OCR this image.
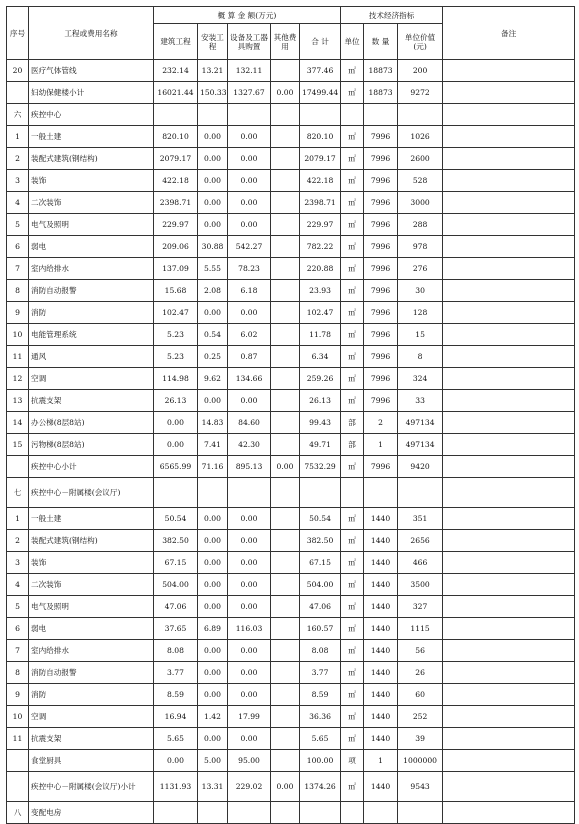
序号	工程或费用名称	概 算 金 额(万元)					技术经济指标			备注
		建筑工程	安装工程	设备及工器具购置	其他费用	合 计	单位	数 量	单位价值(元)	
20	医疗气体管线	232.14	13.21	132.11		377.46	㎡	18873	200	
	妇幼保健楼小计	16021.44	150.33	1327.67	0.00	17499.44	㎡	18873	9272	
六	疾控中心									
1	一般土建	820.10	0.00	0.00		820.10	㎡	7996	1026	
2	装配式建筑(钢结构)	2079.17	0.00	0.00		2079.17	㎡	7996	2600	
3	装饰	422.18	0.00	0.00		422.18	㎡	7996	528	
4	二次装饰	2398.71	0.00	0.00		2398.71	㎡	7996	3000	
5	电气及照明	229.97	0.00	0.00		229.97	㎡	7996	288	
6	弱电	209.06	30.88	542.27		782.22	㎡	7996	978	
7	室内给排水	137.09	5.55	78.23		220.88	㎡	7996	276	
8	消防自动报警	15.68	2.08	6.18		23.93	㎡	7996	30	
9	消防	102.47	0.00	0.00		102.47	㎡	7996	128	
10	电能管理系统	5.23	0.54	6.02		11.78	㎡	7996	15	
11	通风	5.23	0.25	0.87		6.34	㎡	7996	8	
12	空调	114.98	9.62	134.66		259.26	㎡	7996	324	
13	抗震支架	26.13	0.00	0.00		26.13	㎡	7996	33	
14	办公梯(8层8站)	0.00	14.83	84.60		99.43	部	2	497134	
15	污物梯(8层8站)	0.00	7.41	42.30		49.71	部	1	497134	
	疾控中心小计	6565.99	71.16	895.13	0.00	7532.29	㎡	7996	9420	
七	疾控中心－附属楼(会议厅)									
1	一般土建	50.54	0.00	0.00		50.54	㎡	1440	351	
2	装配式建筑(钢结构)	382.50	0.00	0.00		382.50	㎡	1440	2656	
3	装饰	67.15	0.00	0.00		67.15	㎡	1440	466	
4	二次装饰	504.00	0.00	0.00		504.00	㎡	1440	3500	
5	电气及照明	47.06	0.00	0.00		47.06	㎡	1440	327	
6	弱电	37.65	6.89	116.03		160.57	㎡	1440	1115	
7	室内给排水	8.08	0.00	0.00		8.08	㎡	1440	56	
8	消防自动报警	3.77	0.00	0.00		3.77	㎡	1440	26	
9	消防	8.59	0.00	0.00		8.59	㎡	1440	60	
10	空调	16.94	1.42	17.99		36.36	㎡	1440	252	
11	抗震支架	5.65	0.00	0.00		5.65	㎡	1440	39	
	食堂厨具	0.00	5.00	95.00		100.00	项	1	1000000	
	疾控中心－附属楼(会议厅)小计	1131.93	13.31	229.02	0.00	1374.26	㎡	1440	9543	
八	变配电房									
